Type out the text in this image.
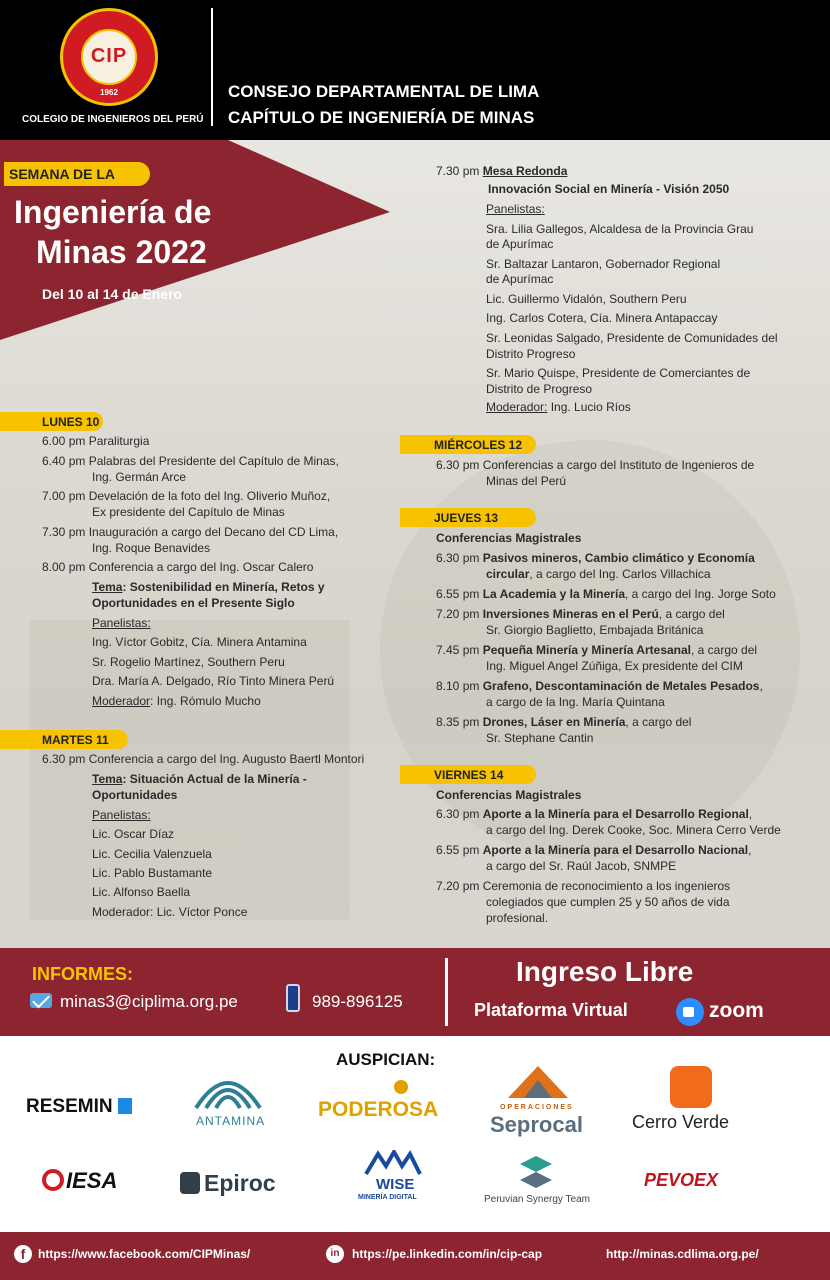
CIP
1962
COLEGIO DE INGENIEROS DEL PERÚ
CONSEJO DEPARTAMENTAL DE LIMA
CAPÍTULO DE INGENIERÍA DE MINAS
SEMANA DE LA
Ingeniería de
Minas 2022
Del 10 al 14 de Enero
LUNES 10
6.00 pm Paraliturgia
6.40 pm Palabras del Presidente del Capítulo de Minas,
Ing. Germán Arce
7.00 pm Develación de la foto del Ing. Oliverio Muñoz,
Ex presidente del Capítulo de Minas
7.30 pm Inauguración a cargo del Decano del CD Lima,
Ing. Roque Benavides
8.00 pm Conferencia a cargo del Ing. Oscar Calero
Tema: Sostenibilidad en Minería, Retos y
Oportunidades en el Presente Siglo
Panelistas:
Ing. Víctor Gobitz, Cía. Minera Antamina
Sr. Rogelio Martínez, Southern Peru
Dra. María A. Delgado, Río Tinto Minera Perú
Moderador: Ing. Rómulo Mucho
MARTES 11
6.30 pm Conferencia a cargo del Ing. Augusto Baertl Montori
Tema: Situación Actual de la Minería -
Oportunidades
Panelistas:
Lic. Oscar Díaz
Lic. Cecilia Valenzuela
Lic. Pablo Bustamante
Lic. Alfonso Baella
Moderador: Lic. Víctor Ponce
7.30 pm Mesa Redonda
Innovación Social en Minería - Visión 2050
Panelistas:
Sra. Lilia Gallegos, Alcaldesa de la Provincia Grau
de Apurímac
Sr. Baltazar Lantaron, Gobernador Regional
de Apurímac
Lic. Guillermo Vidalón, Southern Peru
Ing. Carlos Cotera, Cía. Minera Antapaccay
Sr. Leonidas Salgado, Presidente de Comunidades del
Distrito Progreso
Sr. Mario Quispe, Presidente de Comerciantes de
Distrito de Progreso
Moderador: Ing. Lucio Ríos
MIÉRCOLES 12
6.30 pm Conferencias a cargo del Instituto de Ingenieros de
Minas del Perú
JUEVES 13
Conferencias Magistrales
6.30 pm Pasivos mineros, Cambio climático y Economía
circular, a cargo del Ing. Carlos Villachica
6.55 pm La Academia y la Minería, a cargo del Ing. Jorge Soto
7.20 pm Inversiones Mineras en el Perú, a cargo del
Sr. Giorgio Baglietto, Embajada Británica
7.45 pm Pequeña Minería y Minería Artesanal, a cargo del
Ing. Miguel Angel Zúñiga, Ex presidente del CIM
8.10 pm Grafeno, Descontaminación de Metales Pesados,
a cargo de la Ing. María Quintana
8.35 pm Drones, Láser en Minería, a cargo del
Sr. Stephane Cantin
VIERNES 14
Conferencias Magistrales
6.30 pm Aporte a la Minería para el Desarrollo Regional,
a cargo del Ing. Derek Cooke, Soc. Minera Cerro Verde
6.55 pm Aporte a la Minería para el Desarrollo Nacional,
a cargo del Sr. Raúl Jacob, SNMPE
7.20 pm Ceremonia de reconocimiento a los ingenieros
colegiados que cumplen 25 y 50 años de vida
profesional.
INFORMES:
minas3@ciplima.org.pe	989-896125
Ingreso Libre
Plataforma Virtual	zoom
AUSPICIAN:
RESEMIN
ANTAMINA	PODEROSA	OPERACIONES
Seprocal	Cerro Verde
IESA	Epiroc	WISE
MINERÍA DIGITAL	Peruvian Synergy Team
PEVOEX
f	https://www.facebook.com/CIPMinas/	in	https://pe.linkedin.com/in/cip-cap	http://minas.cdlima.org.pe/
